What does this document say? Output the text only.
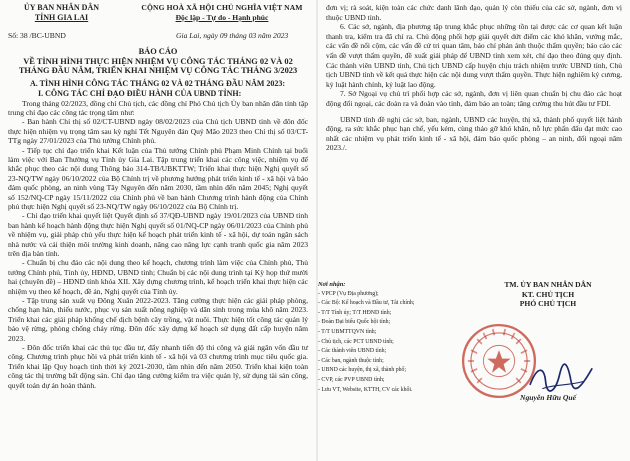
ỦY BAN NHÂN DÂN
TỈNH GIA LAI
CỘNG HOÀ XÃ HỘI CHỦ NGHĨA VIỆT NAM
Độc lập - Tự do - Hạnh phúc
Số: 38 /BC-UBND	Gia Lai, ngày 09 tháng 03 năm 2023
BÁO CÁO
VỀ TÌNH HÌNH THỰC HIỆN NHIỆM VỤ CÔNG TÁC THÁNG 02 VÀ 02
THÁNG ĐẦU NĂM, TRIỂN KHAI NHIỆM VỤ CÔNG TÁC THÁNG 3/2023
A. TÌNH HÌNH CÔNG TÁC THÁNG 02 VÀ 02 THÁNG ĐẦU NĂM 2023:
I. CÔNG TÁC CHỈ ĐẠO ĐIỀU HÀNH CỦA UBND TỈNH:

Trong tháng 02/2023, đồng chí Chủ tịch, các đồng chí Phó Chủ tịch Ủy ban nhân dân tỉnh tập trung chỉ đạo các công tác trọng tâm như:

- Ban hành Chỉ thị số 02/CT-UBND ngày 08/02/2023 của Chủ tịch UBND tỉnh về đôn đốc thực hiện nhiệm vụ trọng tâm sau kỳ nghỉ Tết Nguyên đán Quý Mão 2023 theo Chỉ thị số 03/CT-TTg ngày 27/01/2023 của Thủ tướng Chính phủ.

- Tiếp tục chỉ đạo triển khai Kết luận của Thủ tướng Chính phủ Phạm Minh Chính tại buổi làm việc với Ban Thường vụ Tỉnh ủy Gia Lai. Tập trung triển khai các công việc, nhiệm vụ để khắc phục theo các nội dung Thông báo 314-TB/UBKTTW; Triển khai thực hiện Nghị quyết số 23-NQ/TW ngày 06/10/2022 của Bộ Chính trị về phương hướng phát triển kinh tế - xã hội và bảo đảm quốc phòng, an ninh vùng Tây Nguyên đến năm 2030, tầm nhìn đến năm 2045; Nghị quyết số 152/NQ-CP ngày 15/11/2022 của Chính phủ về ban hành Chương trình hành động của Chính phủ thực hiện Nghị quyết số 23-NQ/TW ngày 06/10/2022 của Bộ Chính trị.

- Chỉ đạo triển khai quyết liệt Quyết định số 37/QĐ-UBND ngày 19/01/2023 của UBND tỉnh ban hành kế hoạch hành động thực hiện Nghị quyết số 01/NQ-CP ngày 06/01/2023 của Chính phủ về nhiệm vụ, giải pháp chủ yếu thực hiện kế hoạch phát triển kinh tế - xã hội, dự toán ngân sách nhà nước và cải thiện môi trường kinh doanh, nâng cao năng lực cạnh tranh quốc gia năm 2023 trên địa bàn tỉnh.

- Chuẩn bị chu đáo các nội dung theo kế hoạch, chương trình làm việc của Chính phủ, Thủ tướng Chính phủ, Tỉnh ủy, HĐND, UBND tỉnh; Chuẩn bị các nội dung trình tại Kỳ họp thứ mười hai (chuyên đề) – HĐND tỉnh khóa XII. Xây dựng chương trình, kế hoạch triển khai thực hiện các nhiệm vụ theo kế hoạch, đề án, Nghị quyết của Tỉnh ủy.

- Tập trung sản xuất vụ Đông Xuân 2022-2023. Tăng cường thực hiện các giải pháp phòng, chống hạn hán, thiếu nước, phục vụ sản xuất nông nghiệp và dân sinh trong mùa khô năm 2023. Triển khai các giải pháp khống chế dịch bệnh cây trồng, vật nuôi. Thực hiện tốt công tác quản lý bảo vệ rừng, phòng chống cháy rừng. Đôn đốc xây dựng kế hoạch sử dụng đất cấp huyện năm 2023.

- Đôn đốc triển khai các thủ tục đầu tư, đẩy nhanh tiến độ thi công và giải ngân vốn đầu tư công. Chương trình phục hồi và phát triển kinh tế - xã hội và 03 chương trình mục tiêu quốc gia. Triển khai lập Quy hoạch tỉnh thời kỳ 2021-2030, tầm nhìn đến năm 2050. Triển khai kiện toàn công tác thị trường bất động sản. Chỉ đạo tăng cường kiểm tra việc quản lý, sử dụng tài sản công, quyết toán dự án hoàn thành.

đơn vị; rà soát, kiện toàn các chức danh lãnh đạo, quản lý còn thiếu của các sở, ngành, đơn vị thuộc UBND tỉnh.

6. Các sở, ngành, địa phương tập trung khắc phục những tồn tại được các cơ quan kết luận thanh tra, kiểm tra đã chỉ ra. Chủ động phối hợp giải quyết dứt điểm các khó khăn, vướng mắc, các vấn đề nổi cộm, các vấn đề cử tri quan tâm, báo chí phản ánh thuộc thẩm quyền; báo cáo các vấn đề vượt thẩm quyền, đề xuất giải pháp để UBND tỉnh xem xét, chỉ đạo theo đúng quy định. Các thành viên UBND tỉnh, Chủ tịch UBND cấp huyện chịu trách nhiệm trước UBND tỉnh, Chủ tịch UBND tỉnh về kết quả thực hiện các nội dung vượt thẩm quyền. Thực hiện nghiêm kỷ cương, kỷ luật hành chính, kỷ luật lao động.

7. Sở Ngoại vụ chủ trì phối hợp các sở, ngành, đơn vị liên quan chuẩn bị chu đáo các hoạt động đối ngoại, các đoàn ra và đoàn vào tỉnh, đảm bảo an toàn; tăng cường thu hút đầu tư FDI.

UBND tỉnh đề nghị các sở, ban, ngành, UBND các huyện, thị xã, thành phố quyết liệt hành động, ra sức khắc phục hạn chế, yếu kém, cùng thảo gỡ khó khăn, nỗ lực phấn đấu đạt mức cao nhất các nhiệm vụ phát triển kinh tế - xã hội, đảm bảo quốc phòng – an ninh, đối ngoại năm 2023./.

Nơi nhận:
- VPCP (Vụ Địa phương);
- Các Bộ: Kế hoạch và Đầu tư, Tài chính;
- T/T Tỉnh ủy; T/T HĐND tỉnh;
- Đoàn Đại biểu Quốc hội tỉnh;
- T/T UBMTTQVN tỉnh;
- Chủ tịch, các PCT UBND tỉnh;
- Các thành viên UBND tỉnh;
- Các ban, ngành thuộc tỉnh;
- UBND các huyện, thị xã, thành phố;
- CVP, các PVP UBND tỉnh;
- Lưu VT, Website, KTTH, CV các khối.
TM. ỦY BAN NHÂN DÂN
KT. CHỦ TỊCH
PHÓ CHỦ TỊCH
Nguyễn Hữu Quế
